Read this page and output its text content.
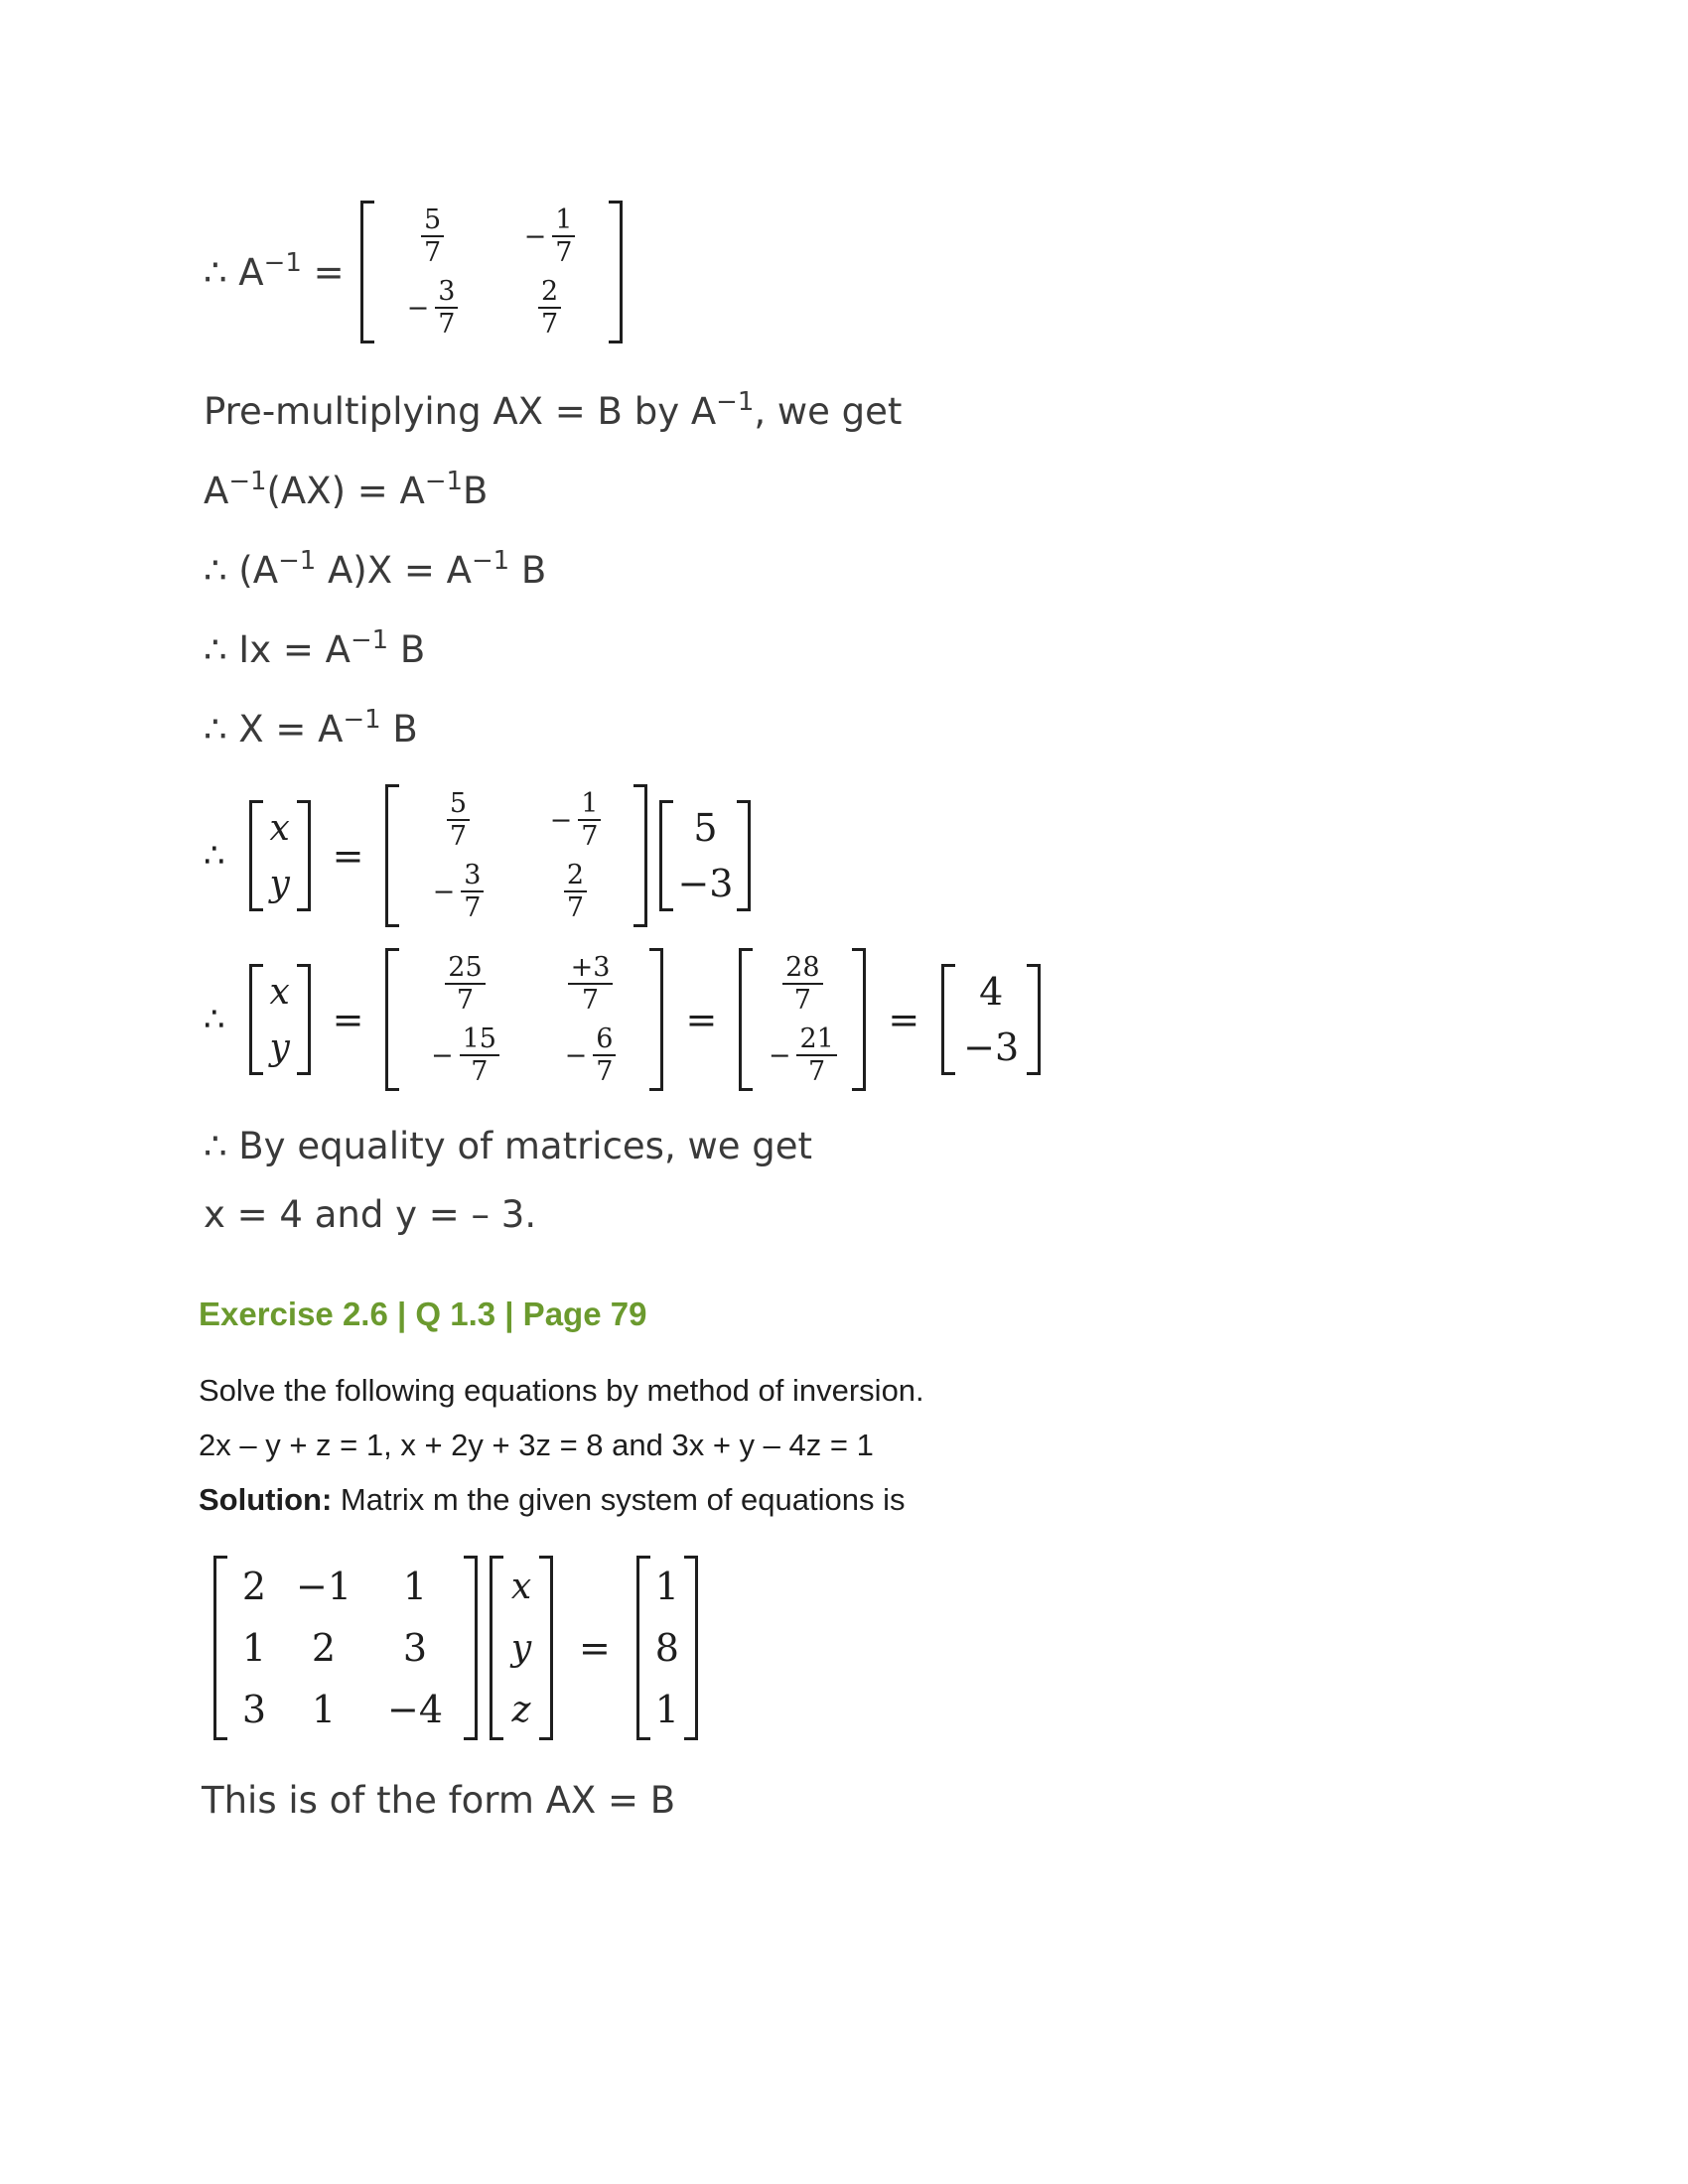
∴ $A^{-1}$ =
5
7
− $\frac{1}{7}$
− $\frac{3}{7}$	2
7
Pre-multiplying AX = B by $A^{-1}$, we get
$A^{-1}(AX) = A^{-1}B$
∴ ($A^{-1}$ $A)X = A^{-1}$ B
∴ $Ix = A^{-1}$ B
∴ $X = A^{-1}$ B
∴
x
y
=
5
7
− $\frac{1}{7}$
− $\frac{3}{7}$	2
7
5
−3
∴
x
y
=
25
7
+3
7
− $\frac{15}{7} - \frac{6}{7}$
=
28
7
− $\frac{21}{7}$
=
4
−3
∴ By equality of matrices, we get
x = 4 and y = – 3.
Exercise 2.6 | Q 1.3 | Page 79
Solve the following equations by method of inversion.
2x – y + z = 1, x + 2y + 3z = 8 and 3x + y – 4z = 1
Solution: Matrix m the given system of equations is
2 −1 1
1 2 3
3 1 −4
x
y
z
=
1
8
1
This is of the form AX = B
